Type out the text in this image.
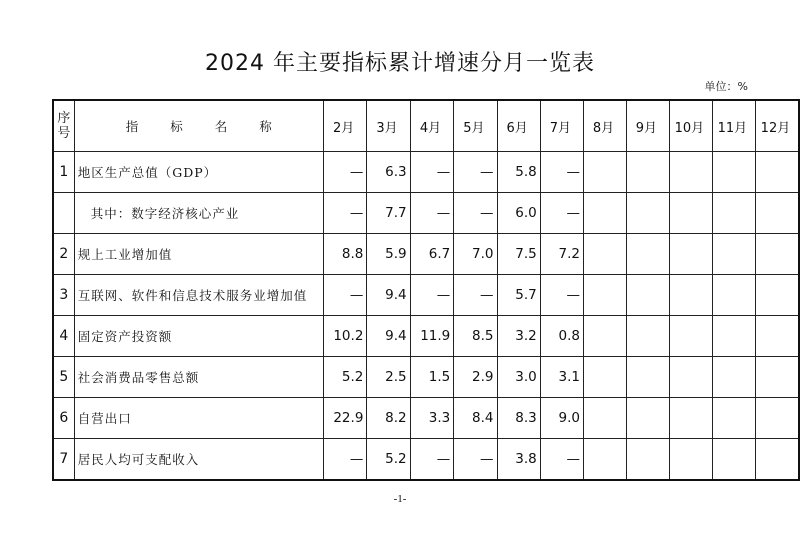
2024 年主要指标累计增速分月一览表
单位：%
序
号	指 标 名 称	2月	3月	4月	5月	6月	7月	8月	9月	10月	11月	12月
1	地区生产总值（GDP）	—	6.3	—	—	5.8	—					
	其中：数字经济核心产业	—	7.7	—	—	6.0	—					
2	规上工业增加值	8.8	5.9	6.7	7.0	7.5	7.2					
3	互联网、软件和信息技术服务业增加值	—	9.4	—	—	5.7	—					
4	固定资产投资额	10.2	9.4	11.9	8.5	3.2	0.8					
5	社会消费品零售总额	5.2	2.5	1.5	2.9	3.0	3.1					
6	自营出口	22.9	8.2	3.3	8.4	8.3	9.0					
7	居民人均可支配收入	—	5.2	—	—	3.8	—					
-1-
